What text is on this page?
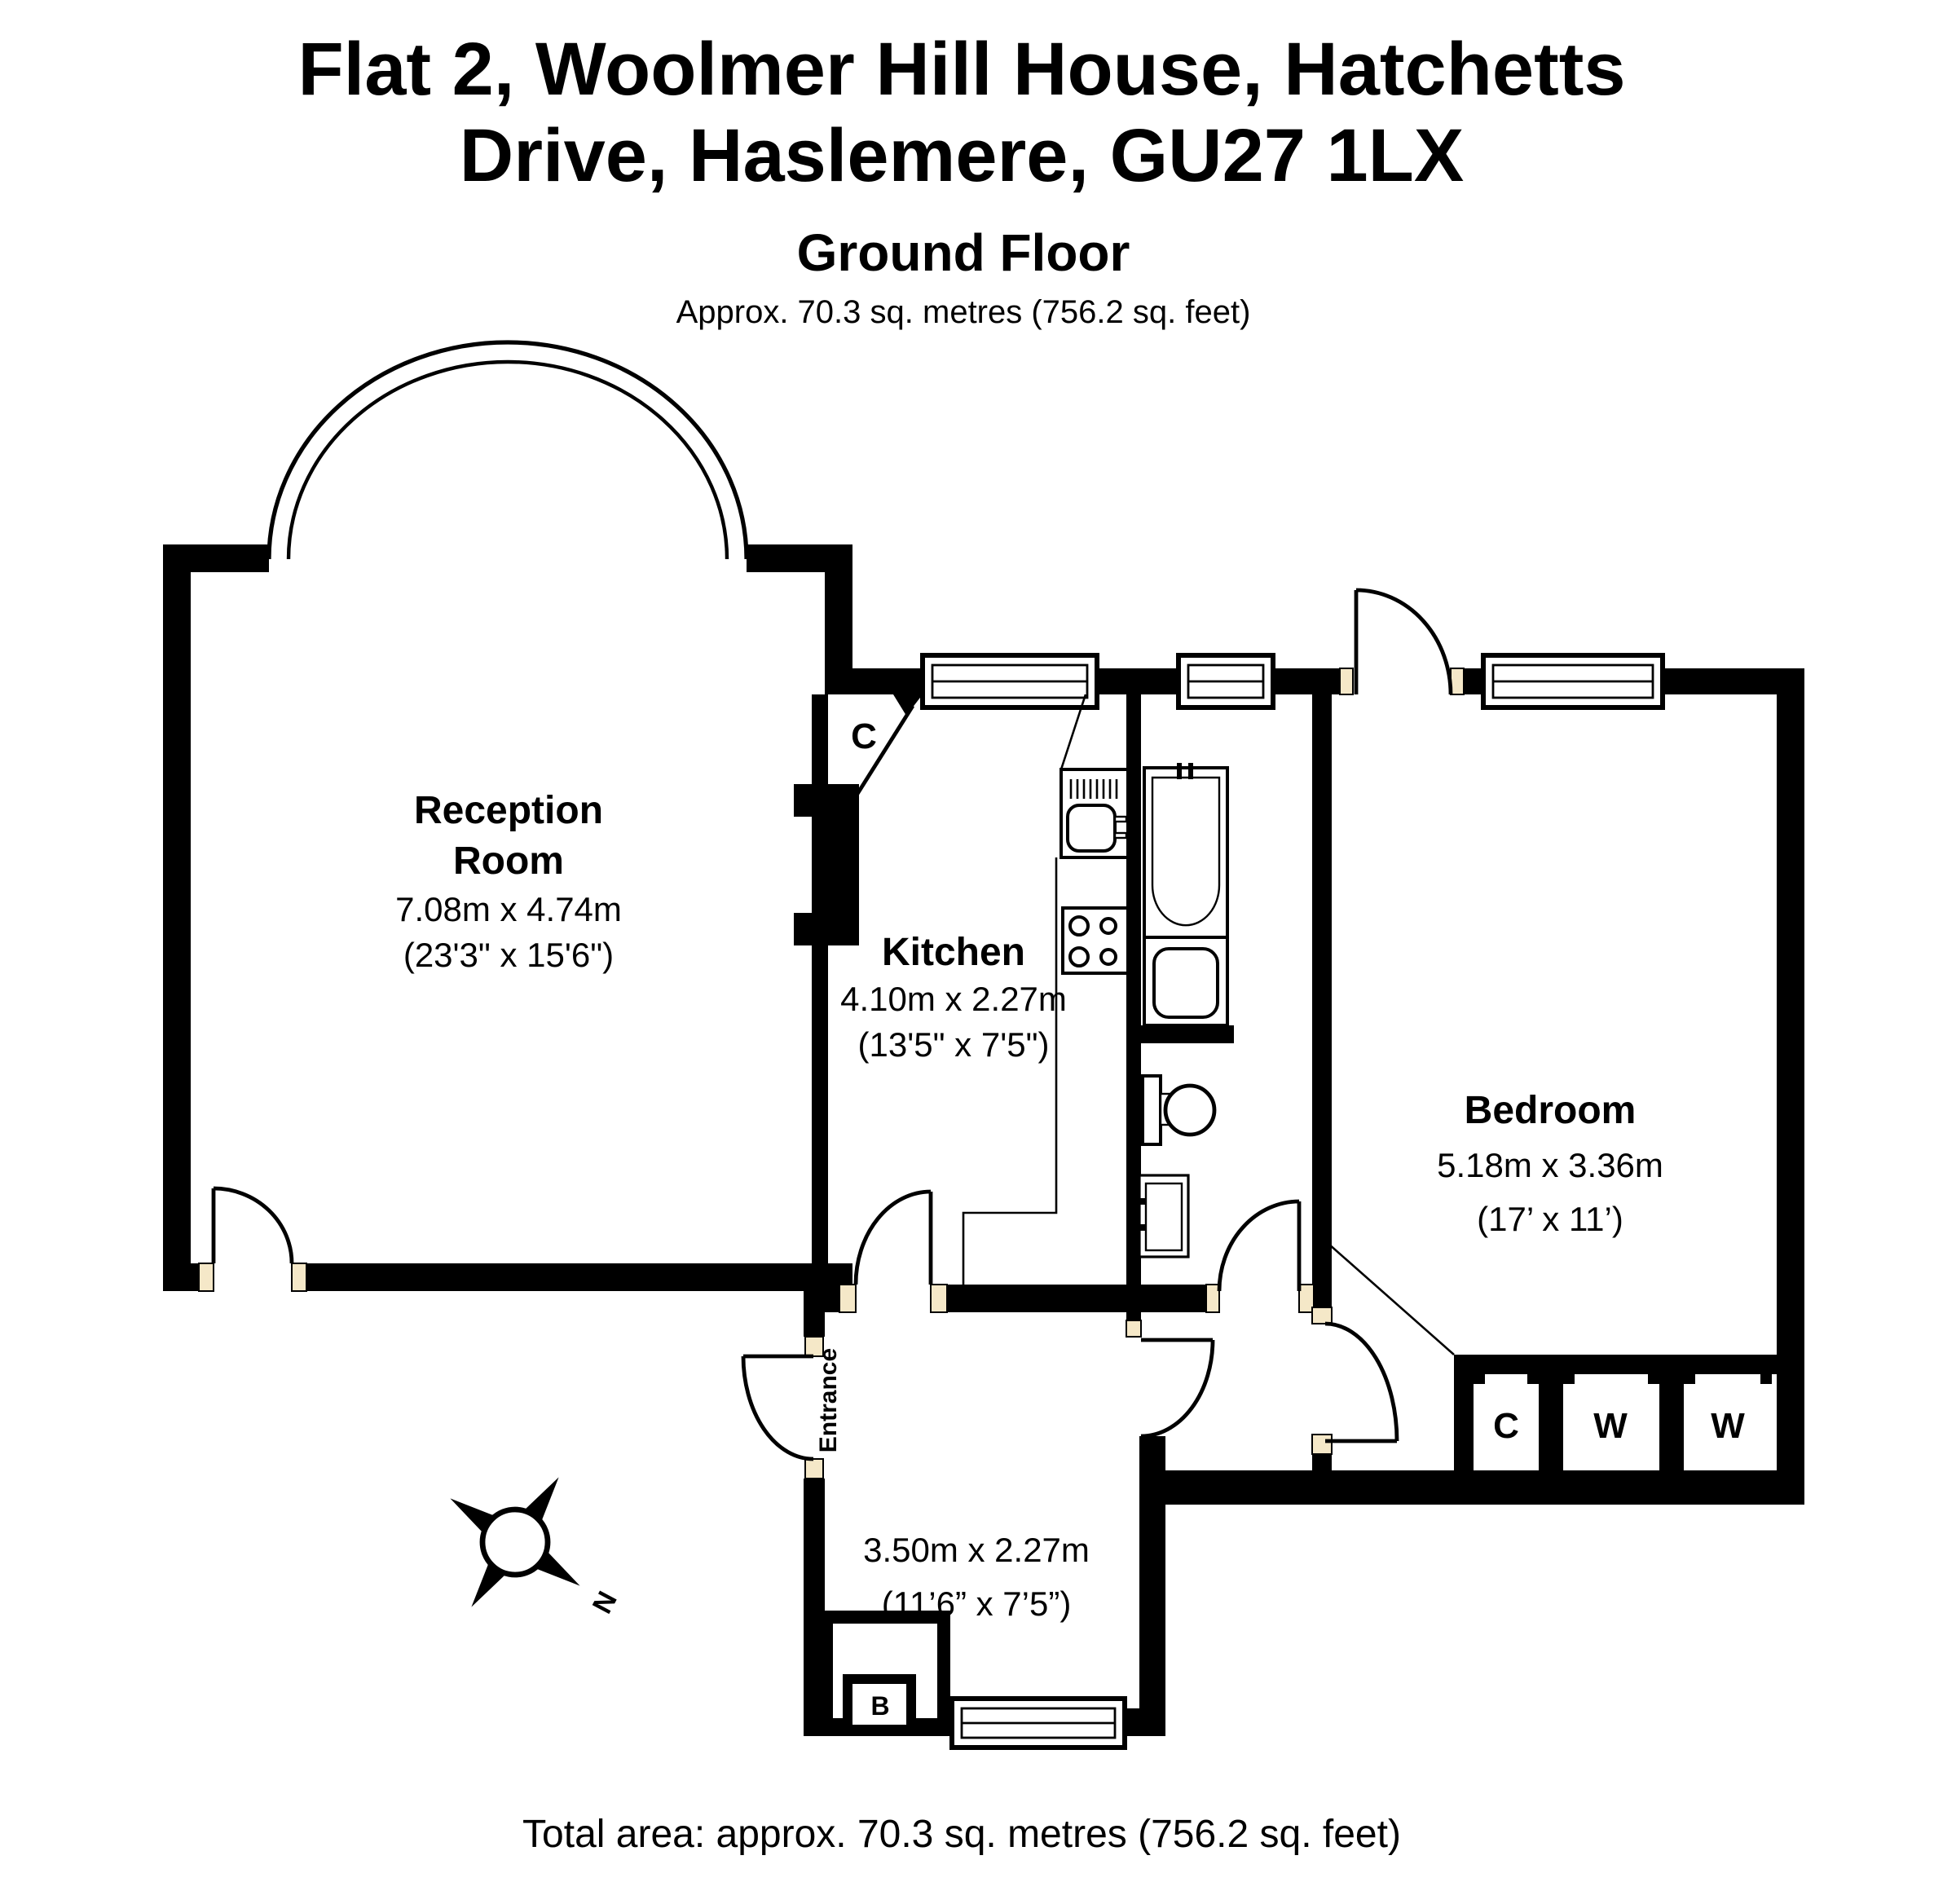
Flat 2, Woolmer Hill House, Hatchetts
Drive, Haslemere, GU27 1LX
Ground Floor
Approx. 70.3 sq. metres (756.2 sq. feet)
B
N
Reception
Room
7.08m x 4.74m
(23'3" x 15'6")	Kitchen
4.10m x 2.27m
(13'5" x 7'5")
Bedroom
5.18m x 3.36m
(17’ x 11’)
3.50m x 2.27m
(11’6” x 7’5”)
Entrance
C
C	W	W
Total area: approx. 70.3 sq. metres (756.2 sq. feet)
